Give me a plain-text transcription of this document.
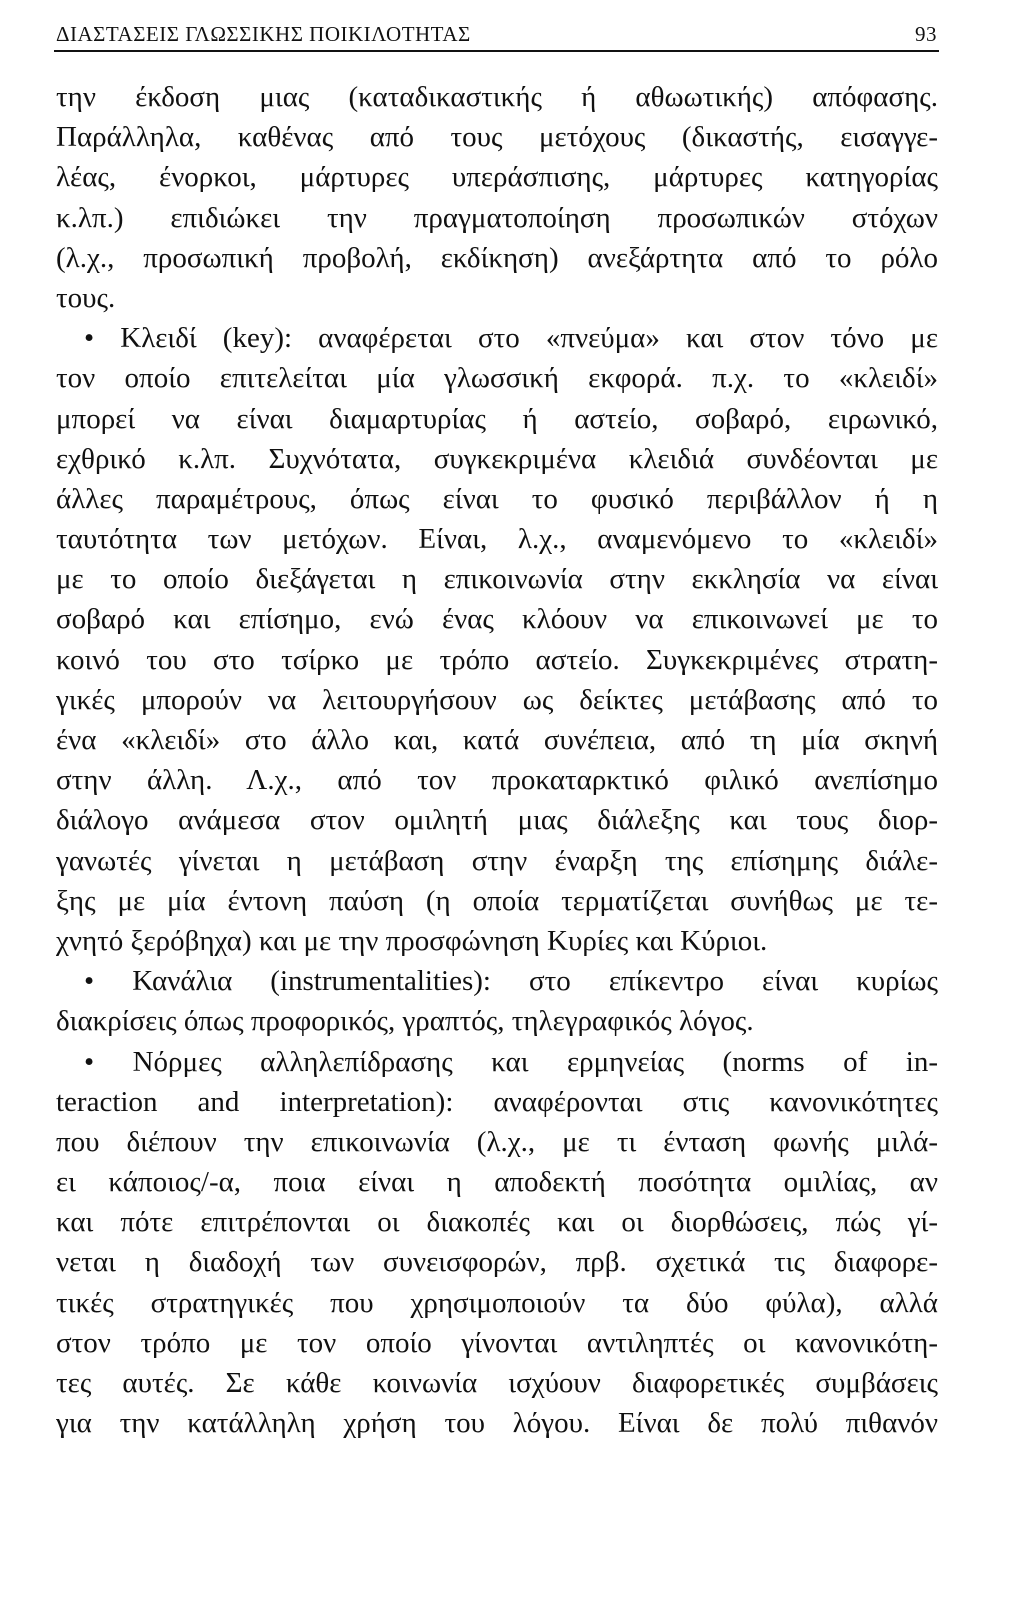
ΔΙΑΣΤΑΣΕΙΣ ΓΛΩΣΣΙΚΗΣ ΠΟΙΚΙΛΟΤΗΤΑΣ	93
την έκδοση μιας (καταδικαστικής ή αθωωτικής) απόφασης.
Παράλληλα, καθένας από τους μετόχους (δικαστής, εισαγγε-
λέας, ένορκοι, μάρτυρες υπεράσπισης, μάρτυρες κατηγορίας
κ.λπ.) επιδιώκει την πραγματοποίηση προσωπικών στόχων
(λ.χ., προσωπική προβολή, εκδίκηση) ανεξάρτητα από το ρόλο
τους.
• Κλειδί (key): αναφέρεται στο «πνεύμα» και στον τόνο με
τον οποίο επιτελείται μία γλωσσική εκφορά. π.χ. το «κλειδί»
μπορεί να είναι διαμαρτυρίας ή αστείο, σοβαρό, ειρωνικό,
εχθρικό κ.λπ. Συχνότατα, συγκεκριμένα κλειδιά συνδέονται με
άλλες παραμέτρους, όπως είναι το φυσικό περιβάλλον ή η
ταυτότητα των μετόχων. Είναι, λ.χ., αναμενόμενο το «κλειδί»
με το οποίο διεξάγεται η επικοινωνία στην εκκλησία να είναι
σοβαρό και επίσημο, ενώ ένας κλόουν να επικοινωνεί με το
κοινό του στο τσίρκο με τρόπο αστείο. Συγκεκριμένες στρατη-
γικές μπορούν να λειτουργήσουν ως δείκτες μετάβασης από το
ένα «κλειδί» στο άλλο και, κατά συνέπεια, από τη μία σκηνή
στην άλλη. Λ.χ., από τον προκαταρκτικό φιλικό ανεπίσημο
διάλογο ανάμεσα στον ομιλητή μιας διάλεξης και τους διορ-
γανωτές γίνεται η μετάβαση στην έναρξη της επίσημης διάλε-
ξης με μία έντονη παύση (η οποία τερματίζεται συνήθως με τε-
χνητό ξερόβηχα) και με την προσφώνηση Κυρίες και Κύριοι.
• Κανάλια (instrumentalities): στο επίκεντρο είναι κυρίως
διακρίσεις όπως προφορικός, γραπτός, τηλεγραφικός λόγος.
• Νόρμες αλληλεπίδρασης και ερμηνείας (norms of in-
teraction and interpretation): αναφέρονται στις κανονικότητες
που διέπουν την επικοινωνία (λ.χ., με τι ένταση φωνής μιλά-
ει κάποιος/-α, ποια είναι η αποδεκτή ποσότητα ομιλίας, αν
και πότε επιτρέπονται οι διακοπές και οι διορθώσεις, πώς γί-
νεται η διαδοχή των συνεισφορών, πρβ. σχετικά τις διαφορε-
τικές στρατηγικές που χρησιμοποιούν τα δύο φύλα), αλλά
στον τρόπο με τον οποίο γίνονται αντιληπτές οι κανονικότη-
τες αυτές. Σε κάθε κοινωνία ισχύουν διαφορετικές συμβάσεις
για την κατάλληλη χρήση του λόγου. Είναι δε πολύ πιθανόν
